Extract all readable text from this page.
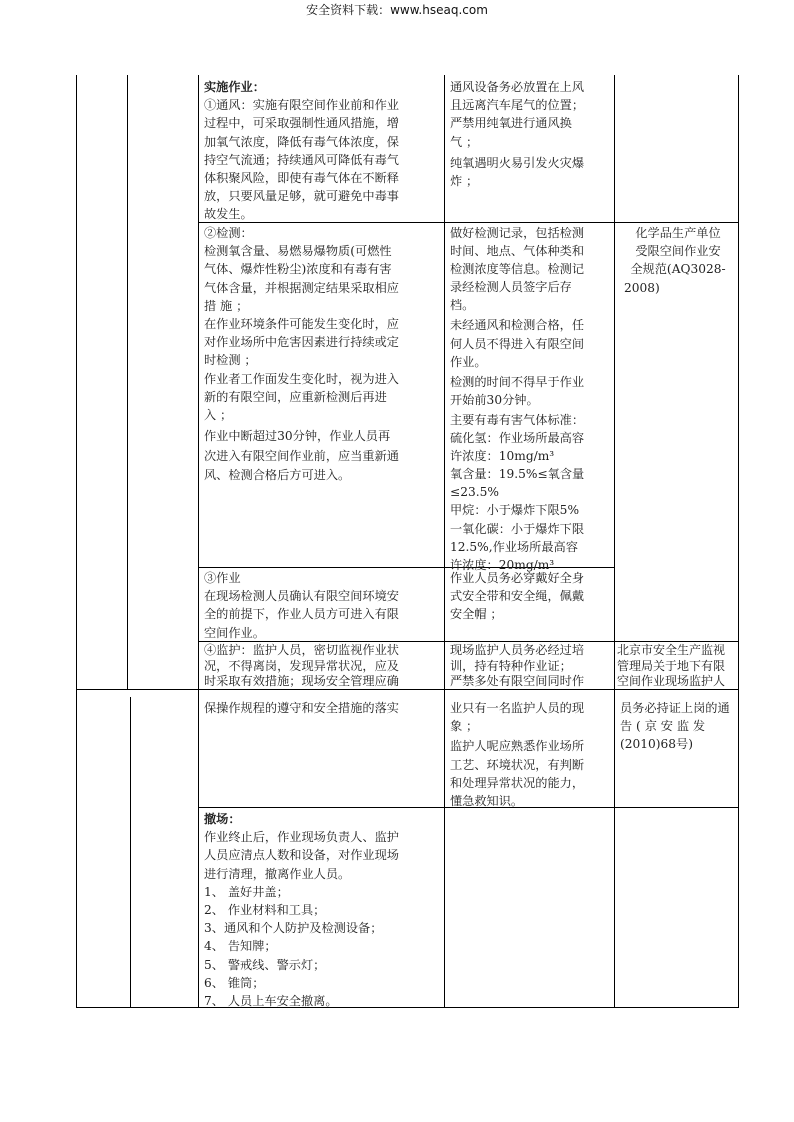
安全资料下载：www.hseaq.com

实施作业：

①通风：实施有限空间作业前和作业

过程中，可采取强制性通风措施，增

加氧气浓度，降低有毒气体浓度，保

持空气流通；持续通风可降低有毒气

体积聚风险，即使有毒气体在不断释

放，只要风量足够，就可避免中毒事

故发生。

通风设备务必放置在上风

且远离汽车尾气的位置；

严禁用纯氧进行通风换

气 ；

纯氧遇明火易引发火灾爆

炸 ；

②检测：

检测氧含量、易燃易爆物质(可燃性

气体、爆炸性粉尘)浓度和有毒有害

气体含量，并根据测定结果采取相应

措 施 ；

在作业环境条件可能发生变化时，应

对作业场所中危害因素进行持续或定

时检测 ；

作业者工作面发生变化时，视为进入

新的有限空间，应重新检测后再进

入 ；

作业中断超过30分钟，作业人员再

次进入有限空间作业前，应当重新通

风、检测合格后方可进入。

做好检测记录，包括检测

时间、地点、气体种类和

检测浓度等信息。检测记

录经检测人员签字后存

档。

未经通风和检测合格，任

何人员不得进入有限空间

作业。

检测的时间不得早于作业

开始前30分钟。

主要有毒有害气体标准：

硫化氢：作业场所最高容

许浓度：10mg/m³

氧含量：19.5%≤氧含量

≤23.5%

甲烷：小于爆炸下限5%

一氧化碳：小于爆炸下限

12.5%,作业场所最高容

许浓度：20mg/m³

化学品生产单位

受限空间作业安

全规范(AQ3028-

2008)

③作业

在现场检测人员确认有限空间环境安

全的前提下，作业人员方可进入有限

空间作业。

作业人员务必穿戴好全身

式安全带和安全绳，佩戴

安全帽 ；

④监护：监护人员，密切监视作业状

况，不得离岗，发现异常状况，应及

时采取有效措施；现场安全管理应确

现场监护人员务必经过培

训，持有特种作业证；

严禁多处有限空间同时作

北京市安全生产监视

管理局关于地下有限

空间作业现场监护人

保操作规程的遵守和安全措施的落实	业只有一名监护人员的现

象 ；

监护人呢应熟悉作业场所

工艺、环境状况，有判断

和处理异常状况的能力，

懂急救知识。

员务必持证上岗的通

告 ( 京 安 监 发

(2010)68号)

撤场：

作业终止后，作业现场负责人、监护

人员应清点人数和设备，对作业现场

进行清理，撤离作业人员。

1、 盖好井盖；

2、 作业材料和工具；

3、通风和个人防护及检测设备；

4、 告知牌；

5、 警戒线、警示灯；

6、 锥筒；

7、 人员上车安全撤离。
